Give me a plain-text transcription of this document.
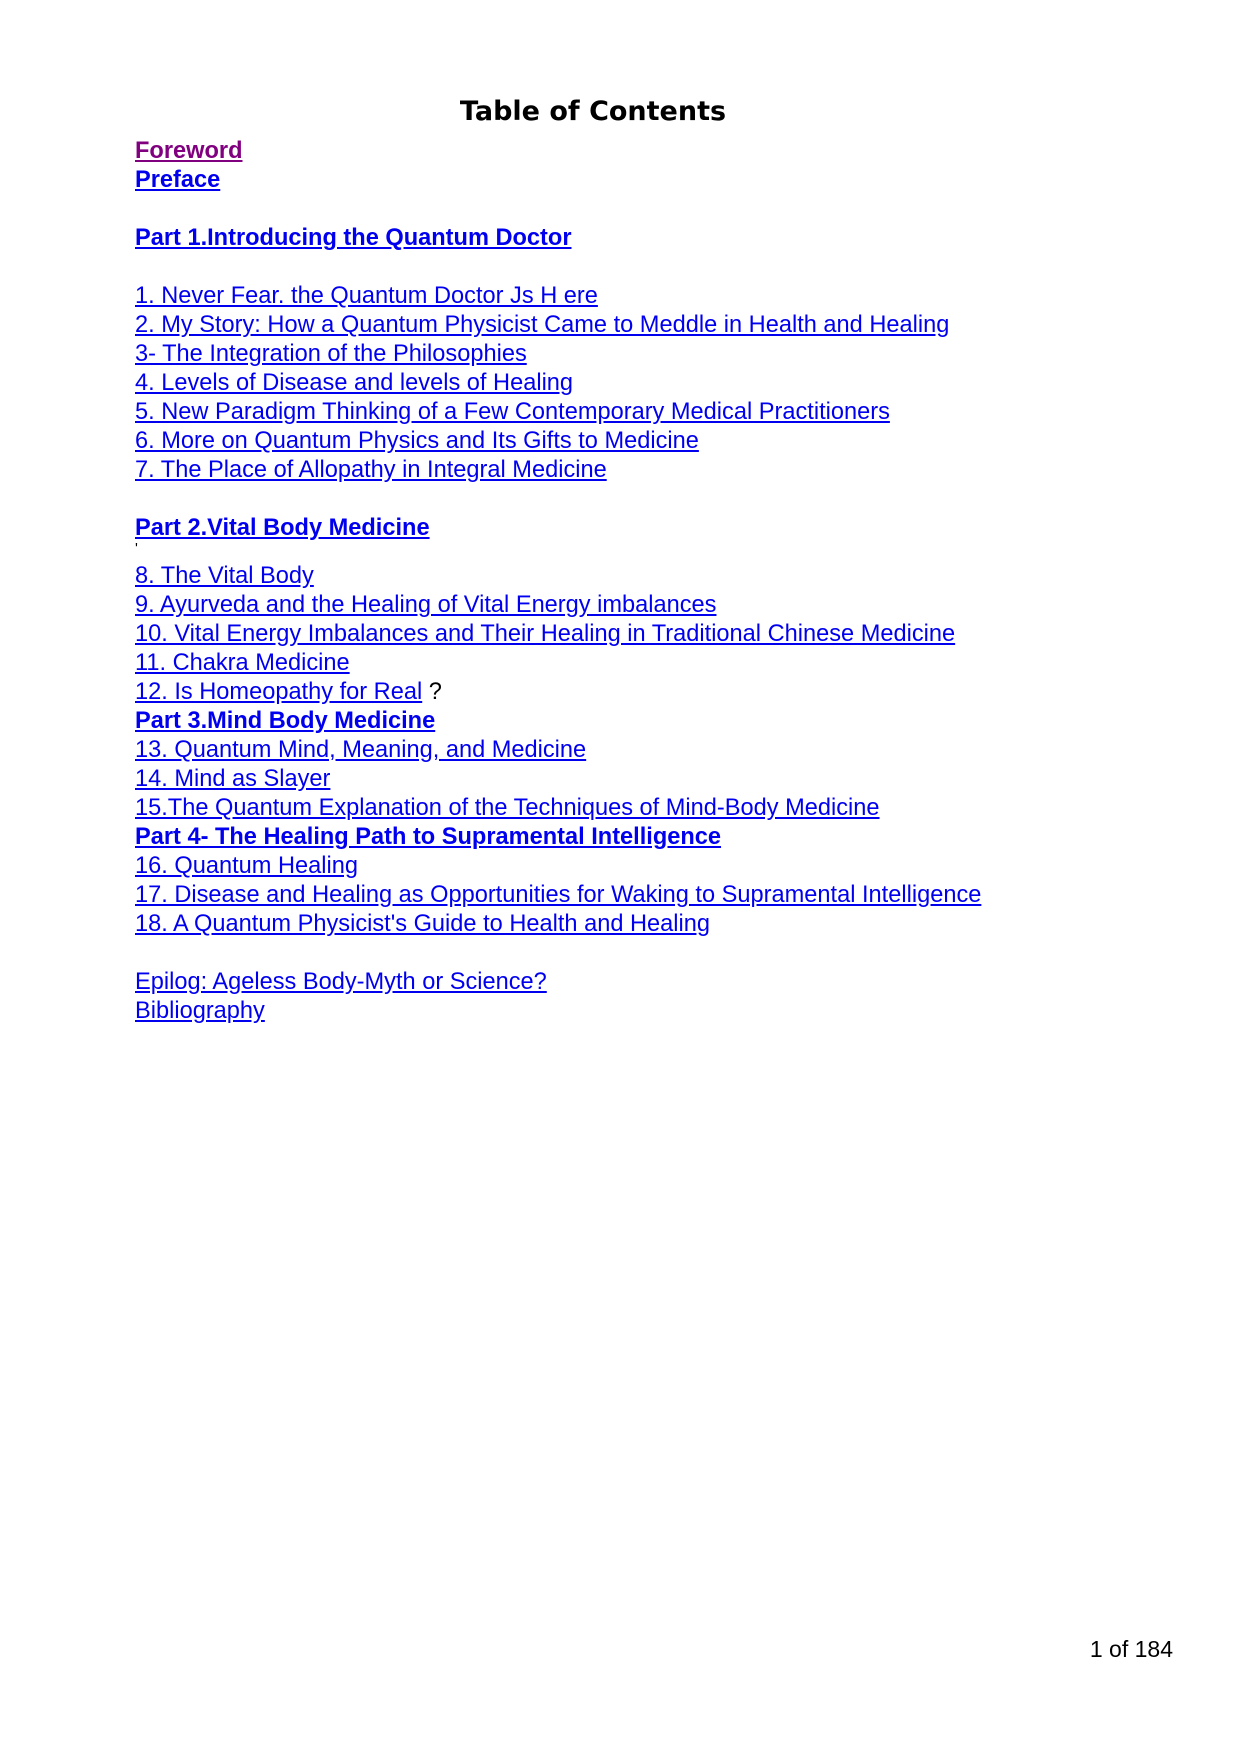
Table of Contents
Foreword
Preface
Part 1.Introducing the Quantum Doctor
1. Never Fear. the Quantum Doctor Js H ere
2. My Story: How a Quantum Physicist Came to Meddle in Health and Healing
3- The Integration of the Philosophies
4. Levels of Disease and levels of Healing
5. New Paradigm Thinking of a Few Contemporary Medical Practitioners
6. More on Quantum Physics and Its Gifts to Medicine
7. The Place of Allopathy in Integral Medicine
Part 2.Vital Body Medicine
'
8. The Vital Body
9. Ayurveda and the Healing of Vital Energy imbalances
10. Vital Energy Imbalances and Their Healing in Traditional Chinese Medicine
11. Chakra Medicine
12. Is Homeopathy for Real ?
Part 3.Mind Body Medicine
13. Quantum Mind, Meaning, and Medicine
14. Mind as Slayer
15.The Quantum Explanation of the Techniques of Mind-Body Medicine
Part 4- The Healing Path to Supramental Intelligence
16. Quantum Healing
17. Disease and Healing as Opportunities for Waking to Supramental Intelligence
18. A Quantum Physicist's Guide to Health and Healing
Epilog: Ageless Body-Myth or Science?
Bibliography
1 of 184
